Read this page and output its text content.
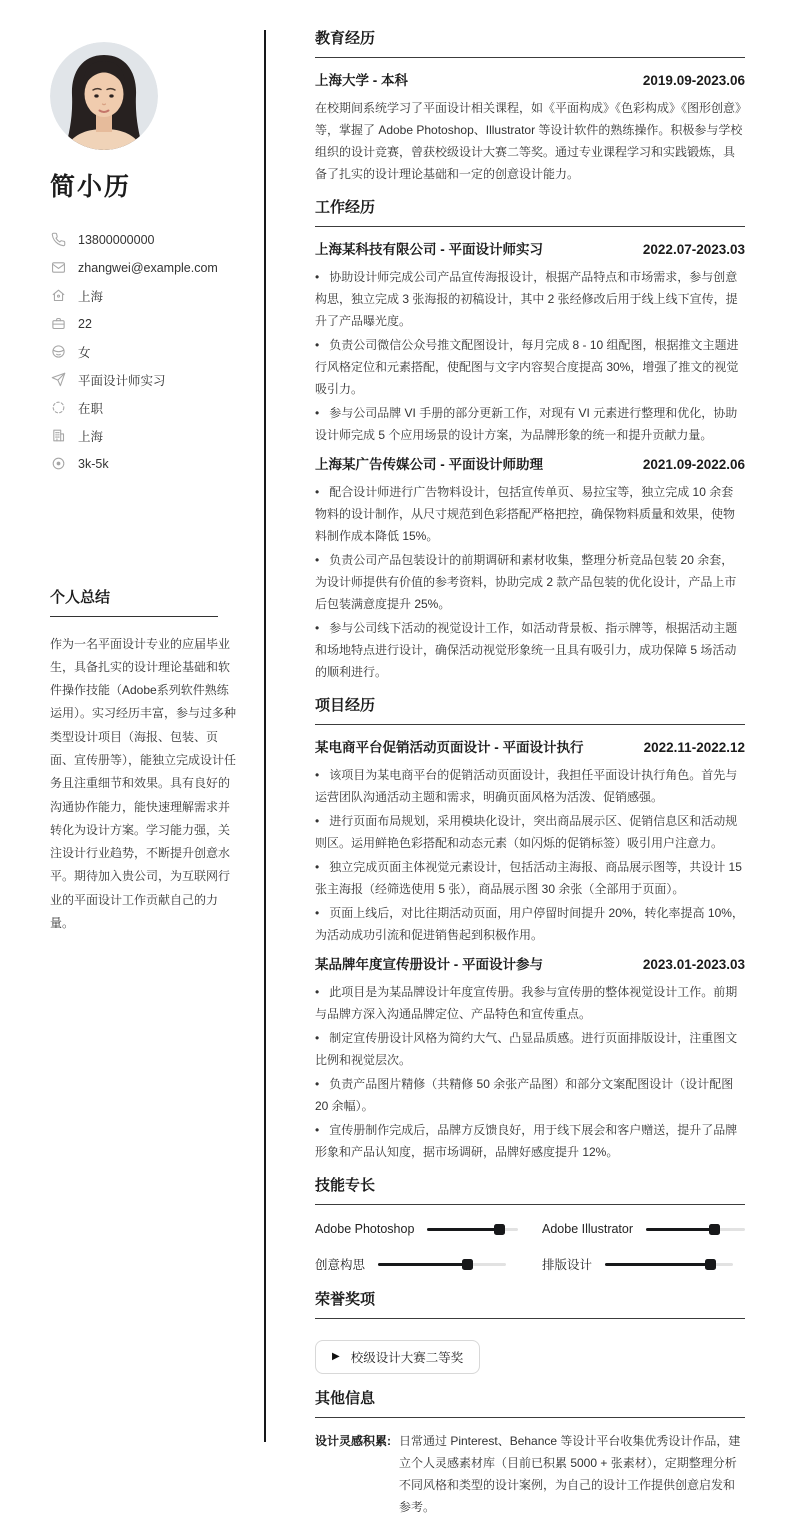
简小历
13800000000
zhangwei@example.com
上海
22
女
平面设计师实习
在职
上海
3k-5k
个人总结

作为一名平面设计专业的应届毕业生，具备扎实的设计理论基础和软件操作技能（Adobe系列软件熟练运用）。实习经历丰富，参与过多种类型设计项目（海报、包装、页面、宣传册等），能独立完成设计任务且注重细节和效果。具有良好的沟通协作能力，能快速理解需求并转化为设计方案。学习能力强，关注设计行业趋势，不断提升创意水平。期待加入贵公司，为互联网行业的平面设计工作贡献自己的力量。

教育经历
上海大学 - 本科	2019.09-2023.06

在校期间系统学习了平面设计相关课程，如《平面构成》《色彩构成》《图形创意》等，掌握了 Adobe Photoshop、Illustrator 等设计软件的熟练操作。积极参与学校组织的设计竞赛，曾获校级设计大赛二等奖。通过专业课程学习和实践锻炼，具备了扎实的设计理论基础和一定的创意设计能力。

工作经历
上海某科技有限公司 - 平面设计师实习	2022.07-2023.03

• 协助设计师完成公司产品宣传海报设计，根据产品特点和市场需求，参与创意构思，独立完成 3 张海报的初稿设计，其中 2 张经修改后用于线上线下宣传，提升了产品曝光度。

• 负责公司微信公众号推文配图设计，每月完成 8 - 10 组配图，根据推文主题进行风格定位和元素搭配，使配图与文字内容契合度提高 30%，增强了推文的视觉吸引力。

• 参与公司品牌 VI 手册的部分更新工作，对现有 VI 元素进行整理和优化，协助设计师完成 5 个应用场景的设计方案，为品牌形象的统一和提升贡献力量。

上海某广告传媒公司 - 平面设计师助理	2021.09-2022.06

• 配合设计师进行广告物料设计，包括宣传单页、易拉宝等，独立完成 10 余套物料的设计制作，从尺寸规范到色彩搭配严格把控，确保物料质量和效果，使物料制作成本降低 15%。

• 负责公司产品包装设计的前期调研和素材收集，整理分析竞品包装 20 余套，为设计师提供有价值的参考资料，协助完成 2 款产品包装的优化设计，产品上市后包装满意度提升 25%。

• 参与公司线下活动的视觉设计工作，如活动背景板、指示牌等，根据活动主题和场地特点进行设计，确保活动视觉形象统一且具有吸引力，成功保障 5 场活动的顺利进行。

项目经历
某电商平台促销活动页面设计 - 平面设计执行	2022.11-2022.12

• 该项目为某电商平台的促销活动页面设计，我担任平面设计执行角色。首先与运营团队沟通活动主题和需求，明确页面风格为活泼、促销感强。

• 进行页面布局规划，采用模块化设计，突出商品展示区、促销信息区和活动规则区。运用鲜艳色彩搭配和动态元素（如闪烁的促销标签）吸引用户注意力。

• 独立完成页面主体视觉元素设计，包括活动主海报、商品展示图等，共设计 15 张主海报（经筛选使用 5 张），商品展示图 30 余张（全部用于页面）。

• 页面上线后，对比往期活动页面，用户停留时间提升 20%，转化率提高 10%，为活动成功引流和促进销售起到积极作用。

某品牌年度宣传册设计 - 平面设计参与	2023.01-2023.03

• 此项目是为某品牌设计年度宣传册。我参与宣传册的整体视觉设计工作。前期与品牌方深入沟通品牌定位、产品特色和宣传重点。

• 制定宣传册设计风格为简约大气、凸显品质感。进行页面排版设计，注重图文比例和视觉层次。

• 负责产品图片精修（共精修 50 余张产品图）和部分文案配图设计（设计配图 20 余幅）。

• 宣传册制作完成后，品牌方反馈良好，用于线下展会和客户赠送，提升了品牌形象和产品认知度，据市场调研，品牌好感度提升 12%。

技能专长
Adobe Photoshop	Adobe Illustrator
创意构思	排版设计
荣誉奖项
▶ 校级设计大赛二等奖
其他信息
设计灵感积累: 日常通过 Pinterest、Behance 等设计平台收集优秀设计作品，建立个人灵感素材库（目前已积累 5000 + 张素材），定期整理分析不同风格和类型的设计案例，为自己的设计工作提供创意启发和参考。
